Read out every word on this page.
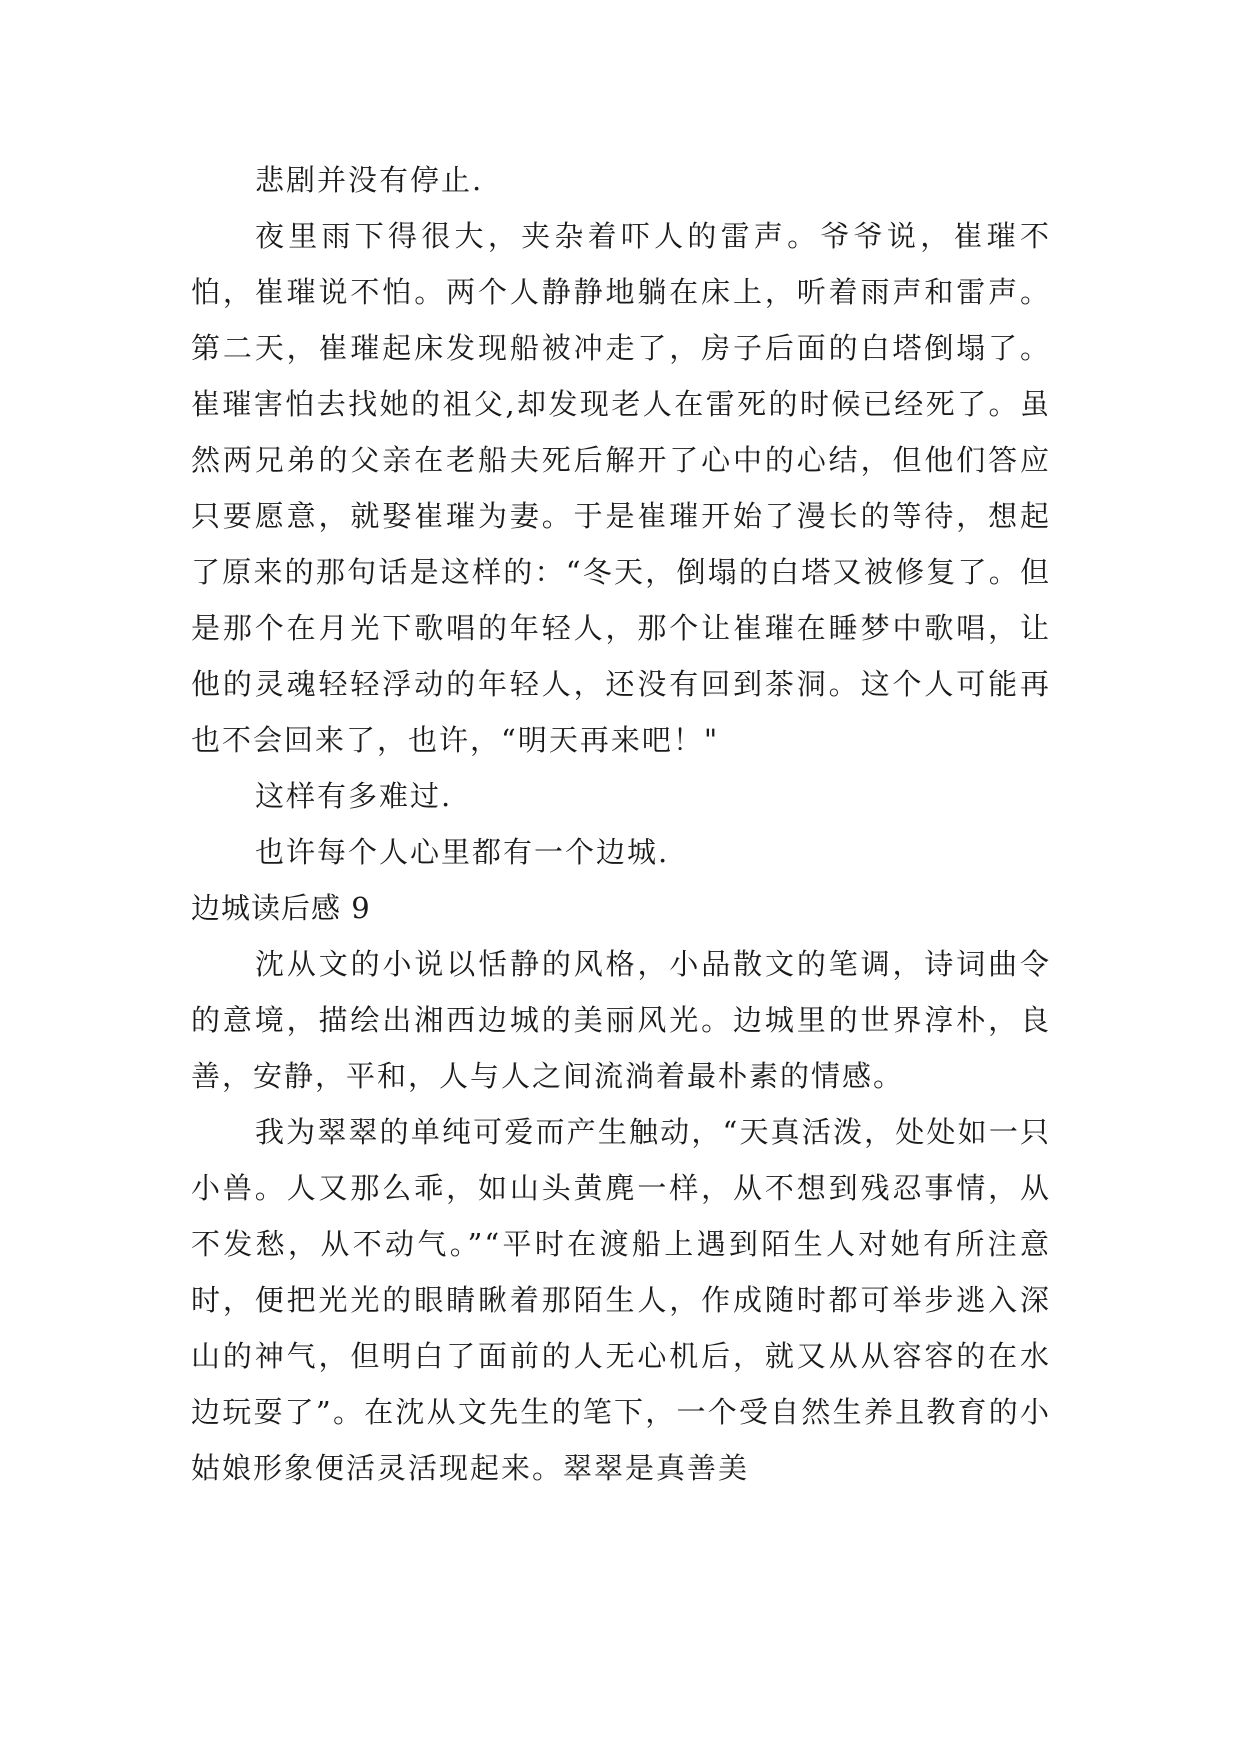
悲剧并没有停止.

夜里雨下得很大，夹杂着吓人的雷声。爷爷说，崔璀不怕，崔璀说不怕。两个人静静地躺在床上，听着雨声和雷声。第二天，崔璀起床发现船被冲走了，房子后面的白塔倒塌了。崔璀害怕去找她的祖父,却发现老人在雷死的时候已经死了。虽然两兄弟的父亲在老船夫死后解开了心中的心结，但他们答应只要愿意，就娶崔璀为妻。于是崔璀开始了漫长的等待，想起了原来的那句话是这样的：“冬天，倒塌的白塔又被修复了。但是那个在月光下歌唱的年轻人，那个让崔璀在睡梦中歌唱，让他的灵魂轻轻浮动的年轻人，还没有回到茶洞。这个人可能再也不会回来了，也许，“明天再来吧！"

这样有多难过.

也许每个人心里都有一个边城.

边城读后感 9

沈从文的小说以恬静的风格，小品散文的笔调，诗词曲令的意境，描绘出湘西边城的美丽风光。边城里的世界淳朴，良善，安静，平和，人与人之间流淌着最朴素的情感。

我为翠翠的单纯可爱而产生触动，“天真活泼，处处如一只小兽。人又那么乖，如山头黄麂一样，从不想到残忍事情，从不发愁，从不动气。”“平时在渡船上遇到陌生人对她有所注意时，便把光光的眼睛瞅着那陌生人，作成随时都可举步逃入深山的神气，但明白了面前的人无心机后，就又从从容容的在水边玩耍了”。在沈从文先生的笔下，一个受自然生养且教育的小姑娘形象便活灵活现起来。翠翠是真善美
